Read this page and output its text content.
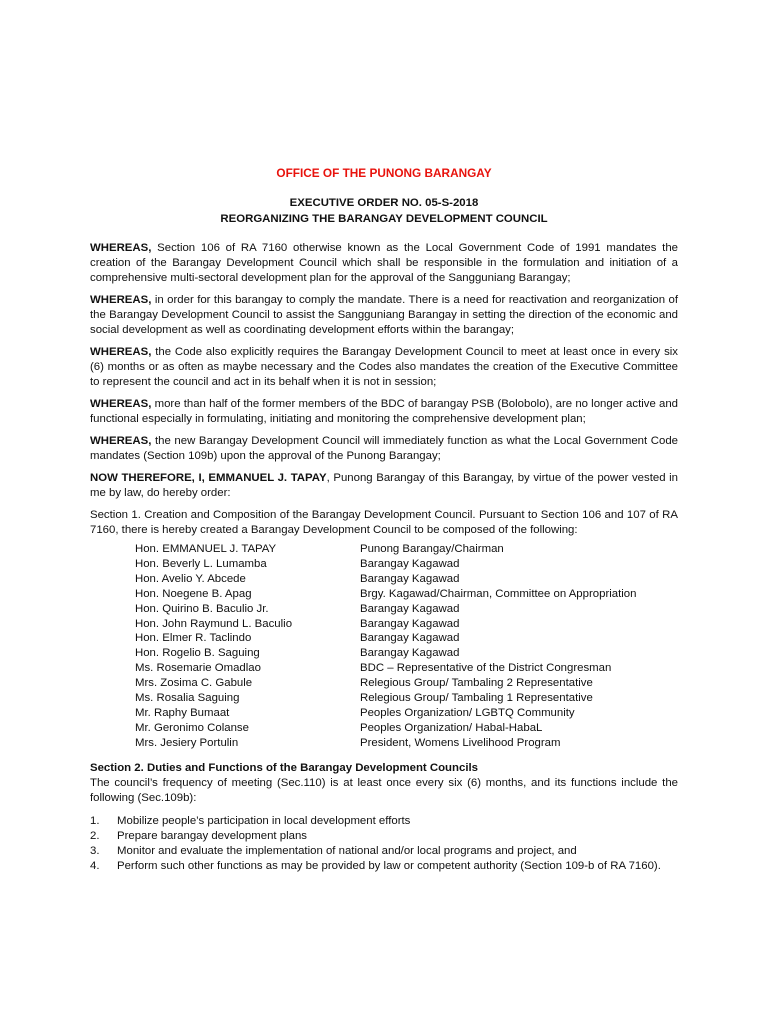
OFFICE OF THE PUNONG BARANGAY
EXECUTIVE ORDER NO. 05-S-2018
REORGANIZING THE BARANGAY DEVELOPMENT COUNCIL

WHEREAS, Section 106 of RA 7160 otherwise known as the Local Government Code of 1991 mandates the creation of the Barangay Development Council which shall be responsible in the formulation and initiation of a comprehensive multi-sectoral development plan for the approval of the Sangguniang Barangay;

WHEREAS, in order for this barangay to comply the mandate. There is a need for reactivation and reorganization of the Barangay Development Council to assist the Sangguniang Barangay in setting the direction of the economic and social development as well as coordinating development efforts within the barangay;

WHEREAS, the Code also explicitly requires the Barangay Development Council to meet at least once in every six (6) months or as often as maybe necessary and the Codes also mandates the creation of the Executive Committee to represent the council and act in its behalf when it is not in session;

WHEREAS, more than half of the former members of the BDC of barangay PSB (Bolobolo), are no longer active and functional especially in formulating, initiating and monitoring the comprehensive development plan;

WHEREAS, the new Barangay Development Council will immediately function as what the Local Government Code mandates (Section 109b) upon the approval of the Punong Barangay;

NOW THEREFORE, I, EMMANUEL J. TAPAY, Punong Barangay of this Barangay, by virtue of the power vested in me by law, do hereby order:

Section 1. Creation and Composition of the Barangay Development Council. Pursuant to Section 106 and 107 of RA 7160, there is hereby created a Barangay Development Council to be composed of the following:

Hon. EMMANUEL J. TAPAY	Punong Barangay/Chairman
Hon. Beverly L. Lumamba	Barangay Kagawad
Hon. Avelio Y. Abcede	Barangay Kagawad
Hon. Noegene B. Apag	Brgy. Kagawad/Chairman, Committee on Appropriation
Hon. Quirino B. Baculio Jr.	Barangay Kagawad
Hon. John Raymund L. Baculio	Barangay Kagawad
Hon. Elmer R. Taclindo	Barangay Kagawad
Hon. Rogelio B. Saguing	Barangay Kagawad
Ms. Rosemarie Omadlao	BDC – Representative of the District Congresman
Mrs. Zosima C. Gabule	Relegious Group/ Tambaling 2 Representative
Ms. Rosalia Saguing	Relegious Group/ Tambaling 1 Representative
Mr. Raphy Bumaat	Peoples Organization/ LGBTQ Community
Mr. Geronimo Colanse	Peoples Organization/ Habal-HabaL
Mrs. Jesiery Portulin	President, Womens Livelihood Program

Section 2. Duties and Functions of the Barangay Development Councils

The council’s frequency of meeting (Sec.110) is at least once every six (6) months, and its functions include the following (Sec.109b):

1.	Mobilize people’s participation in local development efforts
2.	Prepare barangay development plans
3.	Monitor and evaluate the implementation of national and/or local programs and project, and
4.	Perform such other functions as may be provided by law or competent authority (Section 109-b of RA 7160).
